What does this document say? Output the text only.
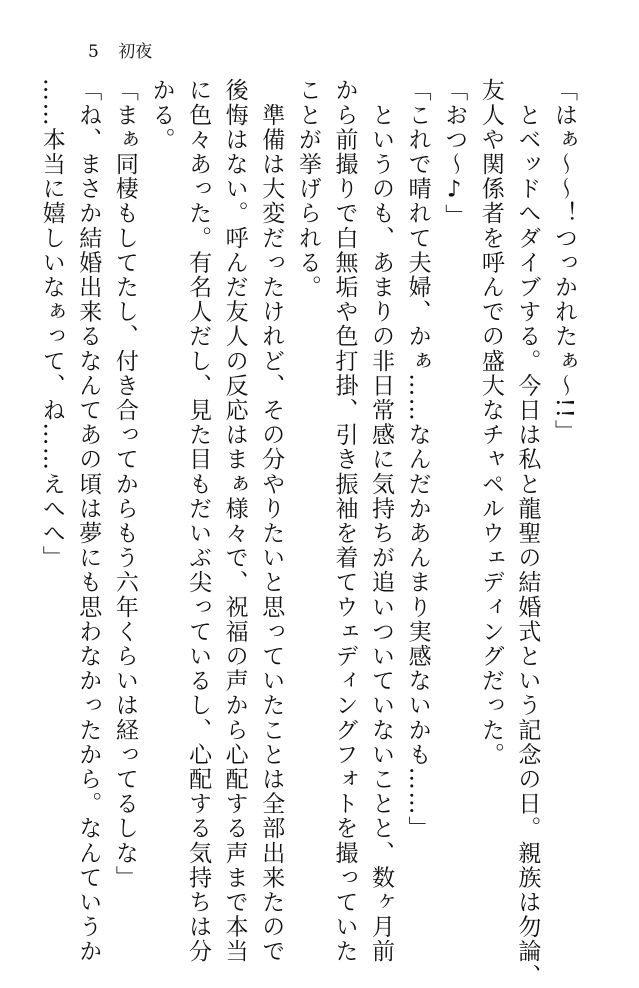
5 初夜
「はぁ～～！つっかれたぁ～!!」
　とベッドへダイブする。今日は私と龍聖の結婚式という記念の日。親族は勿論、
友人や関係者を呼んでの盛大なチャペルウェディングだった。
「おつ～♪」
「これで晴れて夫婦、かぁ……なんだかあんまり実感ないかも……」
　というのも、あまりの非日常感に気持ちが追いついていないことと、数ヶ月前
から前撮りで白無垢や色打掛、引き振袖を着てウェディングフォトを撮っていた
ことが挙げられる。
　準備は大変だったけれど、その分やりたいと思っていたことは全部出来たので
後悔はない。呼んだ友人の反応はまぁ様々で、祝福の声から心配する声まで本当
に色々あった。有名人だし、見た目もだいぶ尖っているし、心配する気持ちは分
かる。
「まぁ同棲もしてたし、付き合ってからもう六年くらいは経ってるしな」
「ね、まさか結婚出来るなんてあの頃は夢にも思わなかったから。なんていうか
……本当に嬉しいなぁって、ね……えへへ」
